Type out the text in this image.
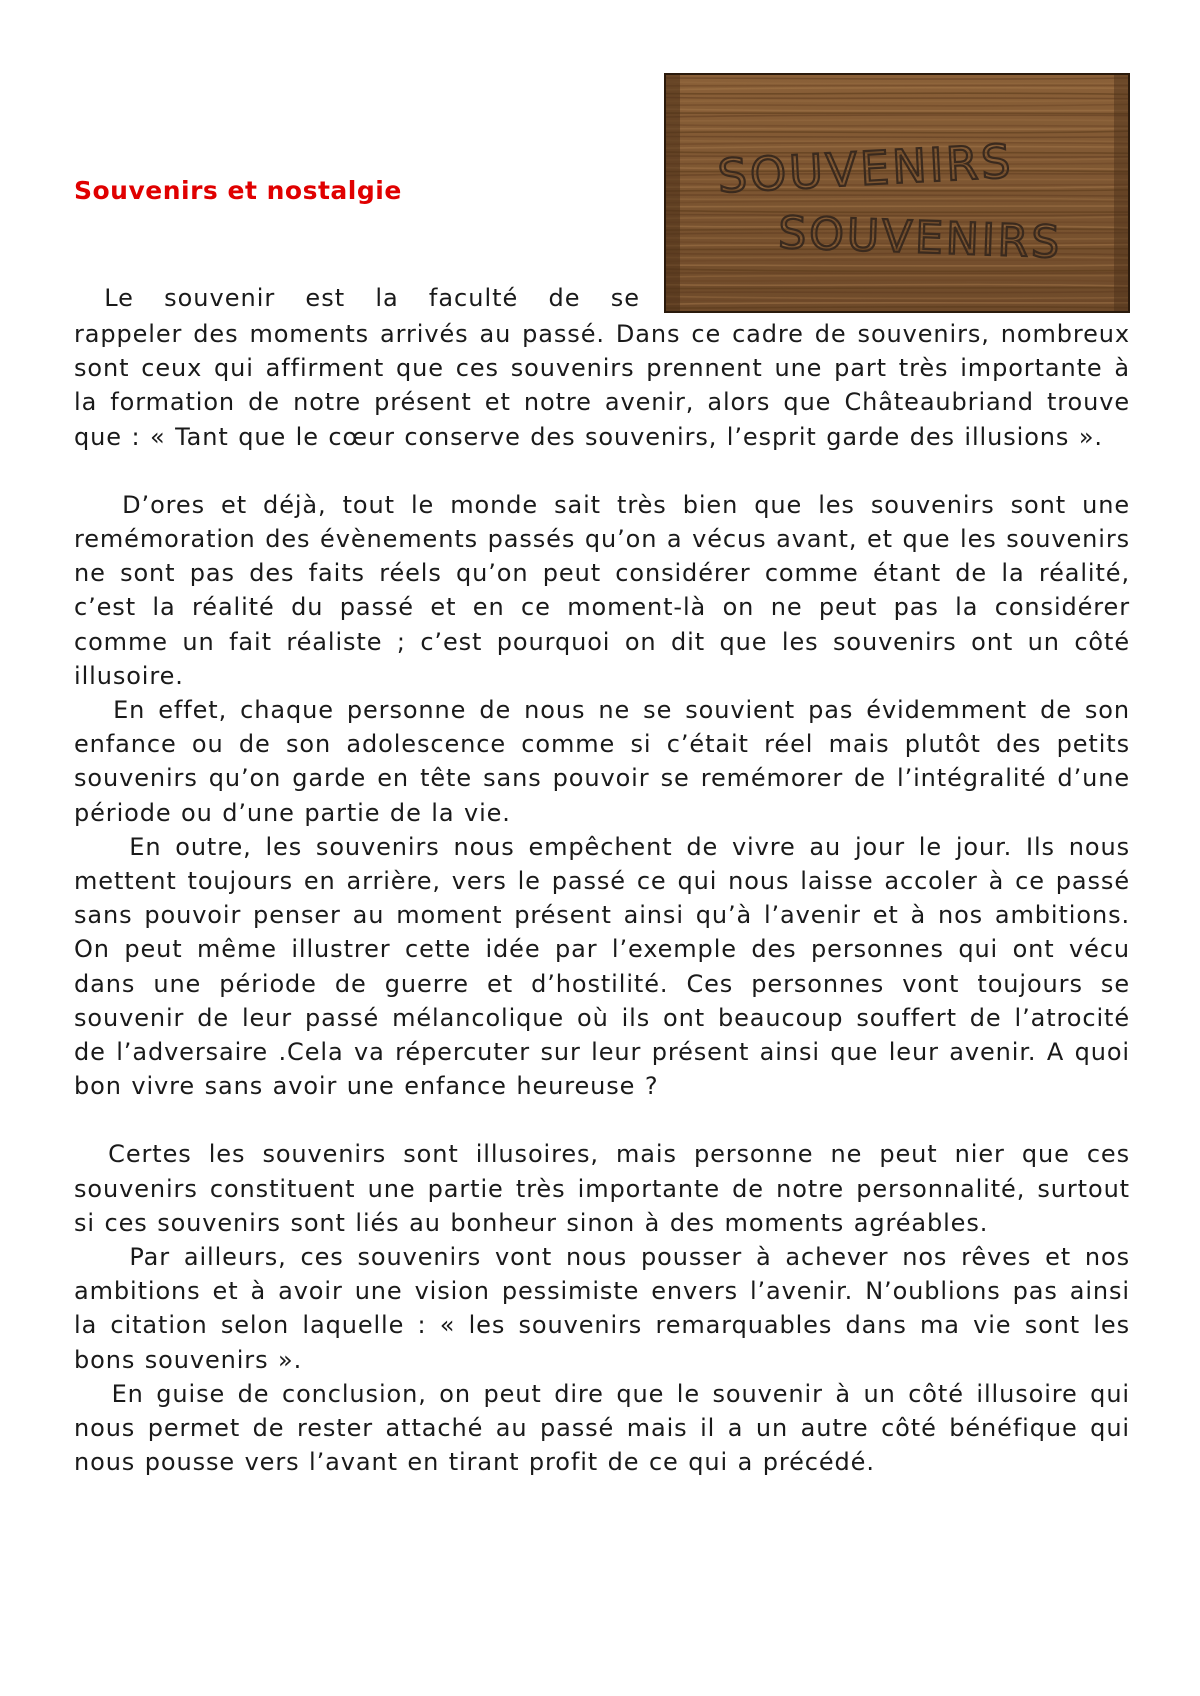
Souvenirs et nostalgie	SOUVENIRS
SOUVENIRS
Le souvenir est la faculté de se

rappeler des moments arrivés au passé. Dans ce cadre de souvenirs, nombreux sont ceux qui affirment que ces souvenirs prennent une part très importante à la formation de notre présent et notre avenir, alors que Châteaubriand trouve que : « Tant que le cœur conserve des souvenirs, l’esprit garde des illusions ».

D’ores et déjà, tout le monde sait très bien que les souvenirs sont une remémoration des évènements passés qu’on a vécus avant, et que les souvenirs ne sont pas des faits réels qu’on peut considérer comme étant de la réalité, c’est la réalité du passé et en ce moment-là on ne peut pas la considérer comme un fait réaliste ; c’est pourquoi on dit que les souvenirs ont un côté illusoire.

En effet, chaque personne de nous ne se souvient pas évidemment de son enfance ou de son adolescence comme si c’était réel mais plutôt des petits souvenirs qu’on garde en tête sans pouvoir se remémorer de l’intégralité d’une période ou d’une partie de la vie.

En outre, les souvenirs nous empêchent de vivre au jour le jour. Ils nous mettent toujours en arrière, vers le passé ce qui nous laisse accoler à ce passé sans pouvoir penser au moment présent ainsi qu’à l’avenir et à nos ambitions. On peut même illustrer cette idée par l’exemple des personnes qui ont vécu dans une période de guerre et d’hostilité. Ces personnes vont toujours se souvenir de leur passé mélancolique où ils ont beaucoup souffert de l’atrocité de l’adversaire .Cela va répercuter sur leur présent ainsi que leur avenir. A quoi bon vivre sans avoir une enfance heureuse ?

Certes les souvenirs sont illusoires, mais personne ne peut nier que ces souvenirs constituent une partie très importante de notre personnalité, surtout si ces souvenirs sont liés au bonheur sinon à des moments agréables.

Par ailleurs, ces souvenirs vont nous pousser à achever nos rêves et nos ambitions et à avoir une vision pessimiste envers l’avenir. N’oublions pas ainsi la citation selon laquelle : « les souvenirs remarquables dans ma vie sont les bons souvenirs ».

En guise de conclusion, on peut dire que le souvenir à un côté illusoire qui nous permet de rester attaché au passé mais il a un autre côté bénéfique qui nous pousse vers l’avant en tirant profit de ce qui a précédé.
